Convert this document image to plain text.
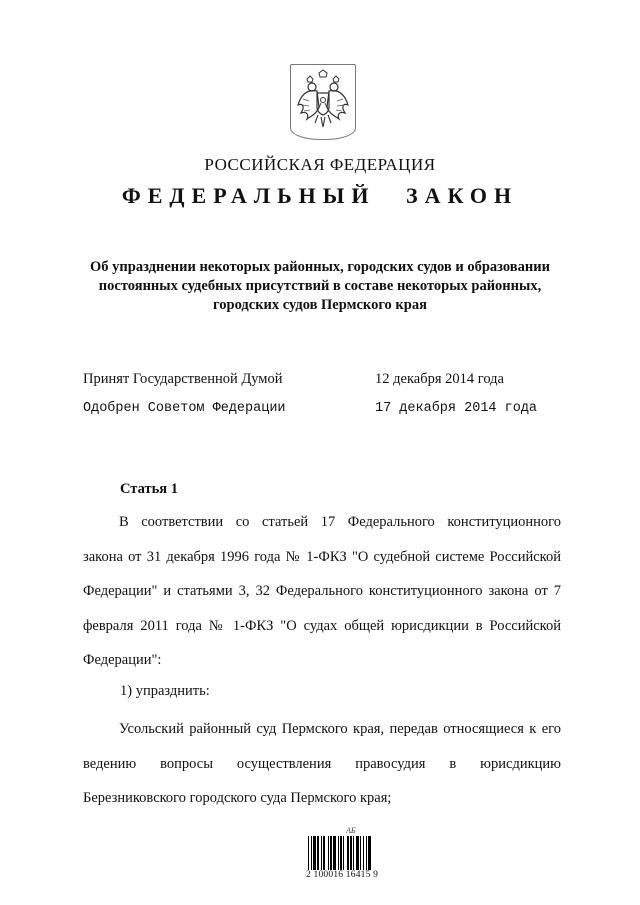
РОССИЙСКАЯ ФЕДЕРАЦИЯ
ФЕДЕРАЛЬНЫЙ ЗАКОН
Об упразднении некоторых районных, городских судов и образовании
постоянных судебных присутствий в составе некоторых районных,
городских судов Пермского края
Принят Государственной Думой	12 декабря 2014 года
Одобрен Советом Федерации	17 декабря 2014 года
Статья 1
В соответствии со статьей 17 Федерального конституционного
закона от 31 декабря 1996 года № 1-ФКЗ "О судебной системе Российской
Федерации" и статьями 3, 32 Федерального конституционного закона от 7
февраля 2011 года № 1-ФКЗ "О судах общей юрисдикции в Российской
Федерации":
1) упразднить:
Усольский районный суд Пермского края, передав относящиеся к его
ведению вопросы осуществления правосудия в юрисдикцию
Березниковского городского суда Пермского края;
АБ
2 100016 16415 9
